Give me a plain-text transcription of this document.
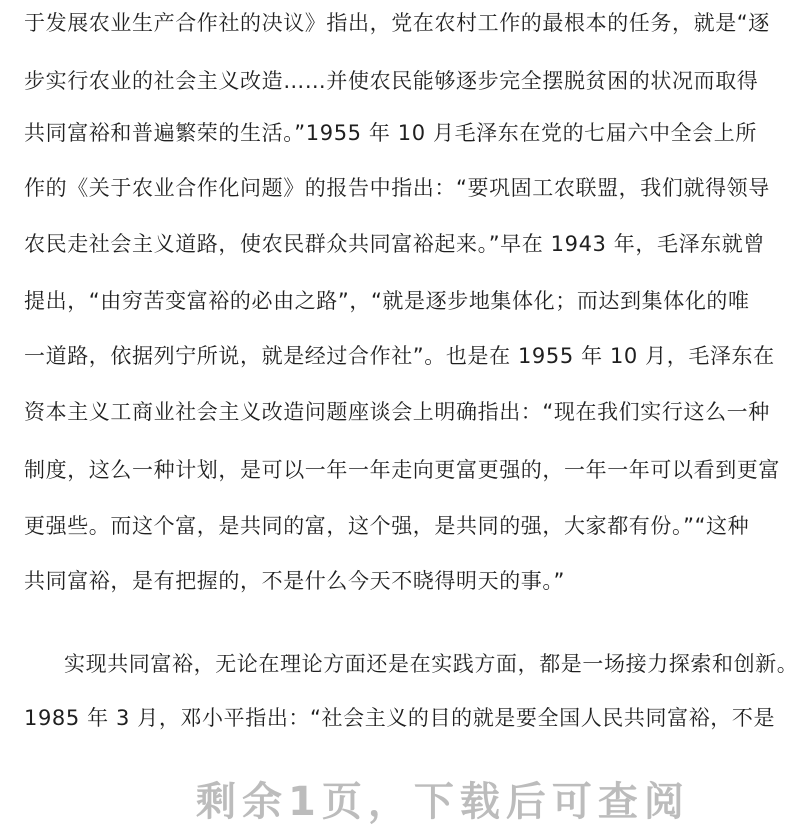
于发展农业生产合作社的决议》指出，党在农村工作的最根本的任务，就是“逐
步实行农业的社会主义改造……并使农民能够逐步完全摆脱贫困的状况而取得
共同富裕和普遍繁荣的生活。”1955 年 10 月毛泽东在党的七届六中全会上所
作的《关于农业合作化问题》的报告中指出：“要巩固工农联盟，我们就得领导
农民走社会主义道路，使农民群众共同富裕起来。”早在 1943 年，毛泽东就曾
提出，“由穷苦变富裕的必由之路”，“就是逐步地集体化；而达到集体化的唯
一道路，依据列宁所说，就是经过合作社”。也是在 1955 年 10 月，毛泽东在
资本主义工商业社会主义改造问题座谈会上明确指出：“现在我们实行这么一种
制度，这么一种计划，是可以一年一年走向更富更强的，一年一年可以看到更富
更强些。而这个富，是共同的富，这个强，是共同的强，大家都有份。”“这种
共同富裕，是有把握的，不是什么今天不晓得明天的事。”
实现共同富裕，无论在理论方面还是在实践方面，都是一场接力探索和创新。
1985 年 3 月，邓小平指出：“社会主义的目的就是要全国人民共同富裕，不是
剩余1页，下载后可查阅
